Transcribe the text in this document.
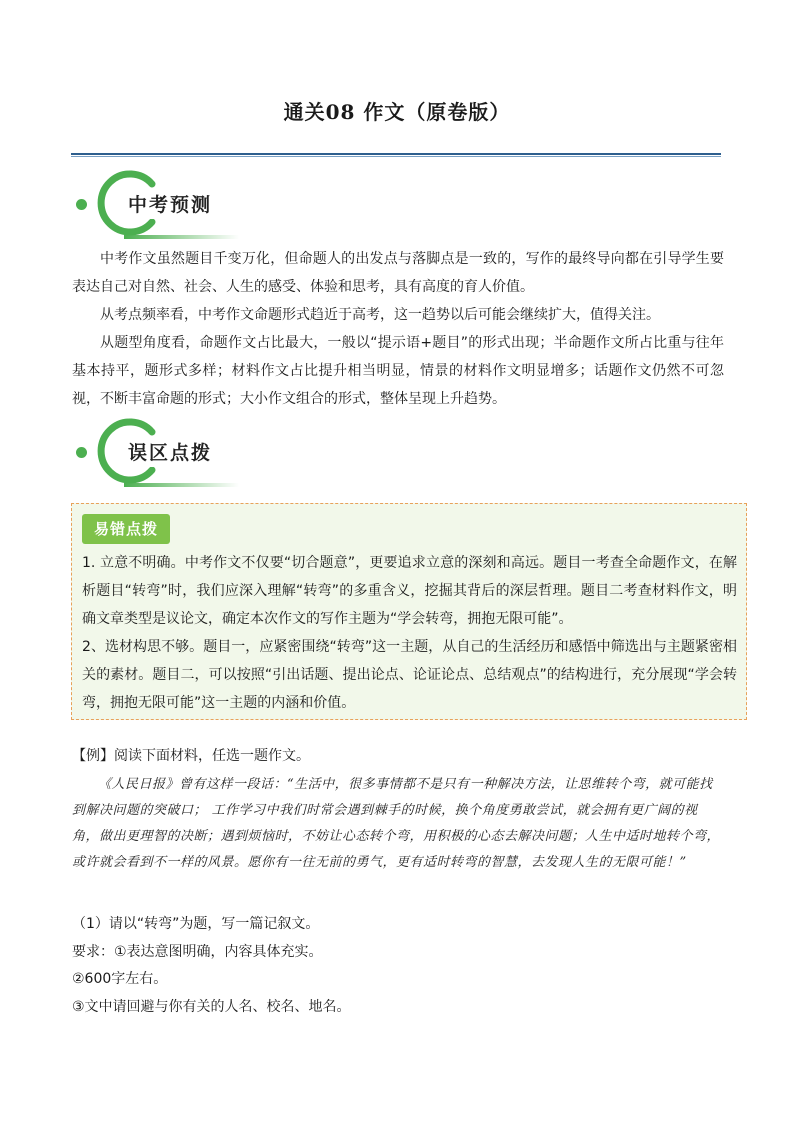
通关08 作文（原卷版）
中考预测
中考作文虽然题目千变万化，但命题人的出发点与落脚点是一致的，写作的最终导向都在引导学生要表达自己对自然、社会、人生的感受、体验和思考，具有高度的育人价值。
从考点频率看，中考作文命题形式趋近于高考，这一趋势以后可能会继续扩大，值得关注。
从题型角度看，命题作文占比最大，一般以“提示语+题目”的形式出现；半命题作文所占比重与往年基本持平，题形式多样；材料作文占比提升相当明显，情景的材料作文明显增多；话题作文仍然不可忽视，不断丰富命题的形式；大小作文组合的形式，整体呈现上升趋势。
误区点拨
易错点拨
1. 立意不明确。中考作文不仅要“切合题意”，更要追求立意的深刻和高远。题目一考查全命题作文，在解析题目“转弯”时，我们应深入理解“转弯”的多重含义，挖掘其背后的深层哲理。题目二考查材料作文，明确文章类型是议论文，确定本次作文的写作主题为“学会转弯，拥抱无限可能”。
2、选材构思不够。题目一，应紧密围绕“转弯”这一主题，从自己的生活经历和感悟中筛选出与主题紧密相关的素材。题目二，可以按照“引出话题、提出论点、论证论点、总结观点”的结构进行，充分展现“学会转弯，拥抱无限可能”这一主题的内涵和价值。
【例】阅读下面材料，任选一题作文。
《人民日报》曾有这样一段话：“生活中，很多事情都不是只有一种解决方法，让思维转个弯，就可能找到解决问题的突破口； 工作学习中我们时常会遇到棘手的时候，换个角度勇敢尝试，就会拥有更广阔的视角，做出更理智的决断；遇到烦恼时，不妨让心态转个弯，用积极的心态去解决问题；人生中适时地转个弯，或许就会看到不一样的风景。愿你有一往无前的勇气，更有适时转弯的智慧，去发现人生的无限可能！”
（1）请以“转弯”为题，写一篇记叙文。
要求：①表达意图明确，内容具体充实。
②600字左右。
③文中请回避与你有关的人名、校名、地名。
